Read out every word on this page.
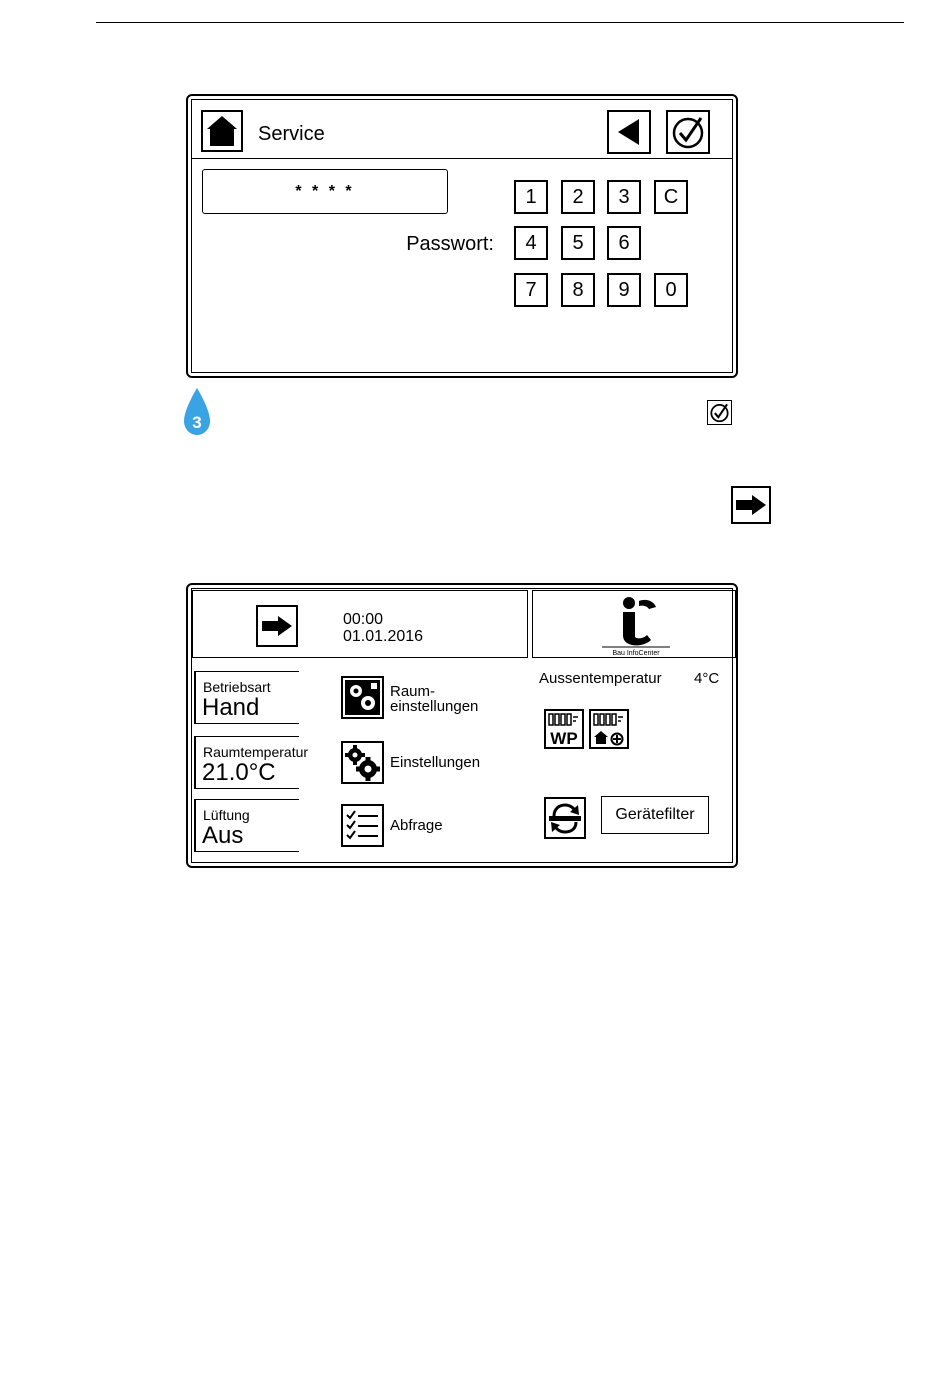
Service
* * * *
Passwort:
1	2	3	C
4	5	6
7	8	9	0
3
00:00
01.01.2016
Bau InfoCenter
Betriebsart
Hand
Raumtemperatur
21.0°C
Lüftung
Aus
Raum-
einstellungen
Einstellungen
Abfrage
Aussentemperatur 4°C
WP
Gerätefilter
